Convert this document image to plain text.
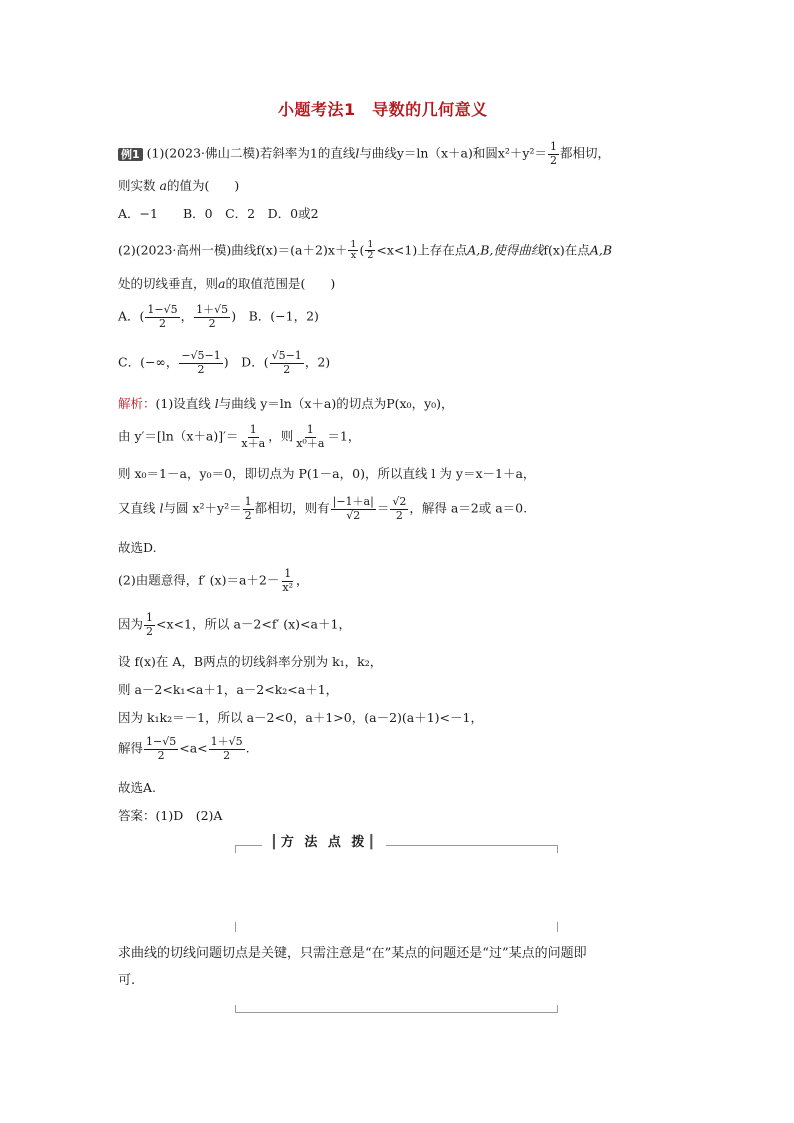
小题考法1　导数的几何意义
例1 (1)(2023·佛山二模)若斜率为1的直线l与曲线y＝ln（x＋a)和圆$x^2+y^2= \frac{1}{2}$ 都相切，
则实数 a的值为(　　)
A．−1　　B．0　C．2　D．0或2
(2)(2023·高州一模)曲线$f(x)=(a+2)x+ \frac{1}{x}$ ( $\frac{1}{2} <x<1$)上存在点A,B,使得曲线f(x)在点A,B
处的切线垂直，则a的取值范围是(　　)
A．( $\frac{1-√5}{2}$ ， $\frac{1+√5}{2}$ )　B．(−1，2)
C．(−∞， $\frac{-√5-1}{2}$ )　D．( $\frac{√5-1}{2}$ ，2)
解析：(1)设直线 l与曲线 y＝ln（x＋a)的切点为P(x₀，y₀)，
由 $y'=[\ln(x+a)]'= \frac{1}{x+a}$ ，则 $\frac{1}{\text{x⁰＋a}} =1$，
则 x₀＝1－a，y₀＝0，即切点为 P(1－a，0)，所以直线 l 为 y＝x－1＋a，
又直线 l与圆 $x^2+y^2= \frac{1}{2}$ 都相切，则有 $\frac{|-1+a|}{√2} = \frac{√2}{2}$ ，解得 a＝2或 a＝0.
故选D.
(2)由题意得，f′ $(x)=a+2- \frac{1}{\text{x²}}$ ，
因为 $\frac{1}{2} <x<1$，所以 a－2<f′ (x)<a＋1，
设 f(x)在 A，B两点的切线斜率分别为 k₁，k₂，
则 a－2<k₁<a＋1，a－2<k₂<a＋1，
因为 k₁k₂＝－1，所以 a－2<0，a＋1>0，(a－2)(a＋1)<－1，
解得 $\frac{1-√5}{2} <a< \frac{1+√5}{2}$ .
故选A.
答案：(1)D　(2)A
┃方 法 点 拨┃
求曲线的切线问题切点是关键，只需注意是“在”某点的问题还是“过”某点的问题即
可.
